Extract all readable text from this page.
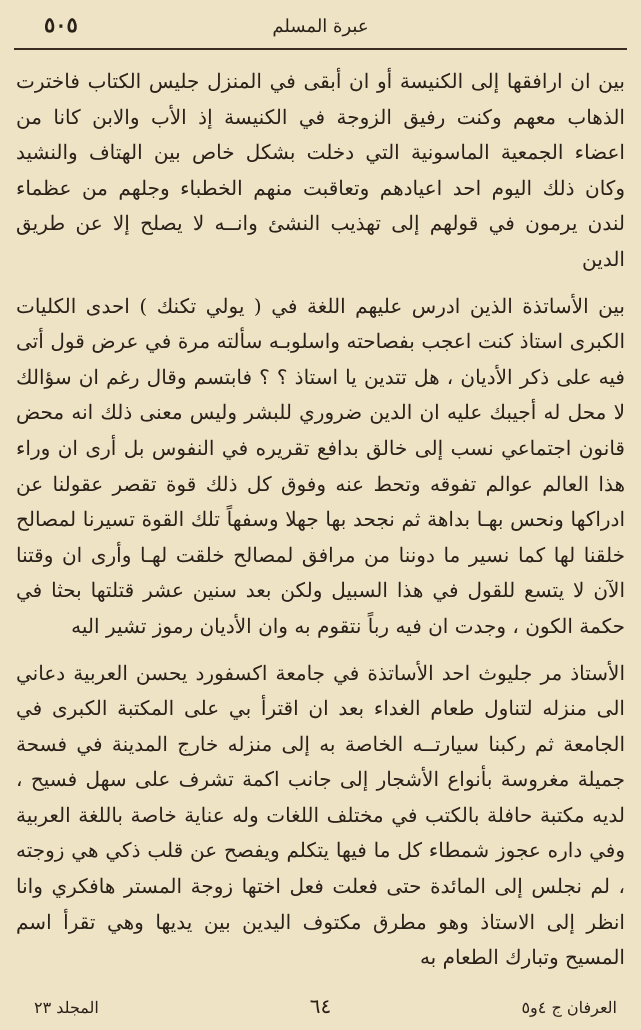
٥٠٥	عبرة المسلم

بين ان ارافقها إلى الكنيسة أو ان أبقى في المنزل جليس الكتاب فاخترت الذهاب معهم وكنت رفيق الزوجة في الكنيسة إذ الأب والابن كانا من اعضاء الجمعية الماسونية التي دخلت بشكل خاص بين الهتاف والنشيد وكان ذلك اليوم احد اعيادهم وتعاقبت منهم الخطباء وجلهم من عظماء لندن يرمون في قولهم إلى تهذيب النشئ وانــه لا يصلح إلا عن طريق الدين

بين الأساتذة الذين ادرس عليهم اللغة في ( يولي تكنك ) احدى الكليات الكبرى استاذ كنت اعجب بفصاحته واسلوبـه سألته مرة في عرض قول أتى فيه على ذكر الأديان ، هل تتدين يا استاذ ؟ ؟ فابتسم وقال رغم ان سؤالك لا محل له أجيبك عليه ان الدين ضروري للبشر وليس معنى ذلك انه محض قانون اجتماعي نسب إلى خالق بدافع تقريره في النفوس بل أرى ان وراء هذا العالم عوالم تفوقه وتحط عنه وفوق كل ذلك قوة تقصر عقولنا عن ادراكها ونحس بهـا بداهة ثم نجحد بها جهلا وسفهاً تلك القوة تسيرنا لمصالح خلقنا لها كما نسير ما دوننا من مرافق لمصالح خلقت لهـا وأرى ان وقتنا الآن لا يتسع للقول في هذا السبيل ولكن بعد سنين عشر قتلتها بحثا في حكمة الكون ، وجدت ان فيه رباً نتقوم به وان الأديان رموز تشير اليه

الأستاذ مر جليوث احد الأساتذة في جامعة اكسفورد يحسن العربية دعاني الى منزله لتناول طعام الغداء بعد ان اقترأ بي على المكتبة الكبرى في الجامعة ثم ركبنا سيارتــه الخاصة به إلى منزله خارج المدينة في فسحة جميلة مغروسة بأنواع الأشجار إلى جانب اكمة تشرف على سهل فسيح ، لديه مكتبة حافلة بالكتب في مختلف اللغات وله عناية خاصة باللغة العربية وفي داره عجوز شمطاء كل ما فيها يتكلم ويفصح عن قلب ذكي هي زوجته ، لم نجلس إلى المائدة حتى فعلت فعل اختها زوجة المستر هافكري وانا انظر إلى الاستاذ وهو مطرق مكتوف اليدين بين يديها وهي تقرأ اسم المسيح وتبارك الطعام به

المجلد ٢٣	٦٤	العرفان ج ٤و٥
